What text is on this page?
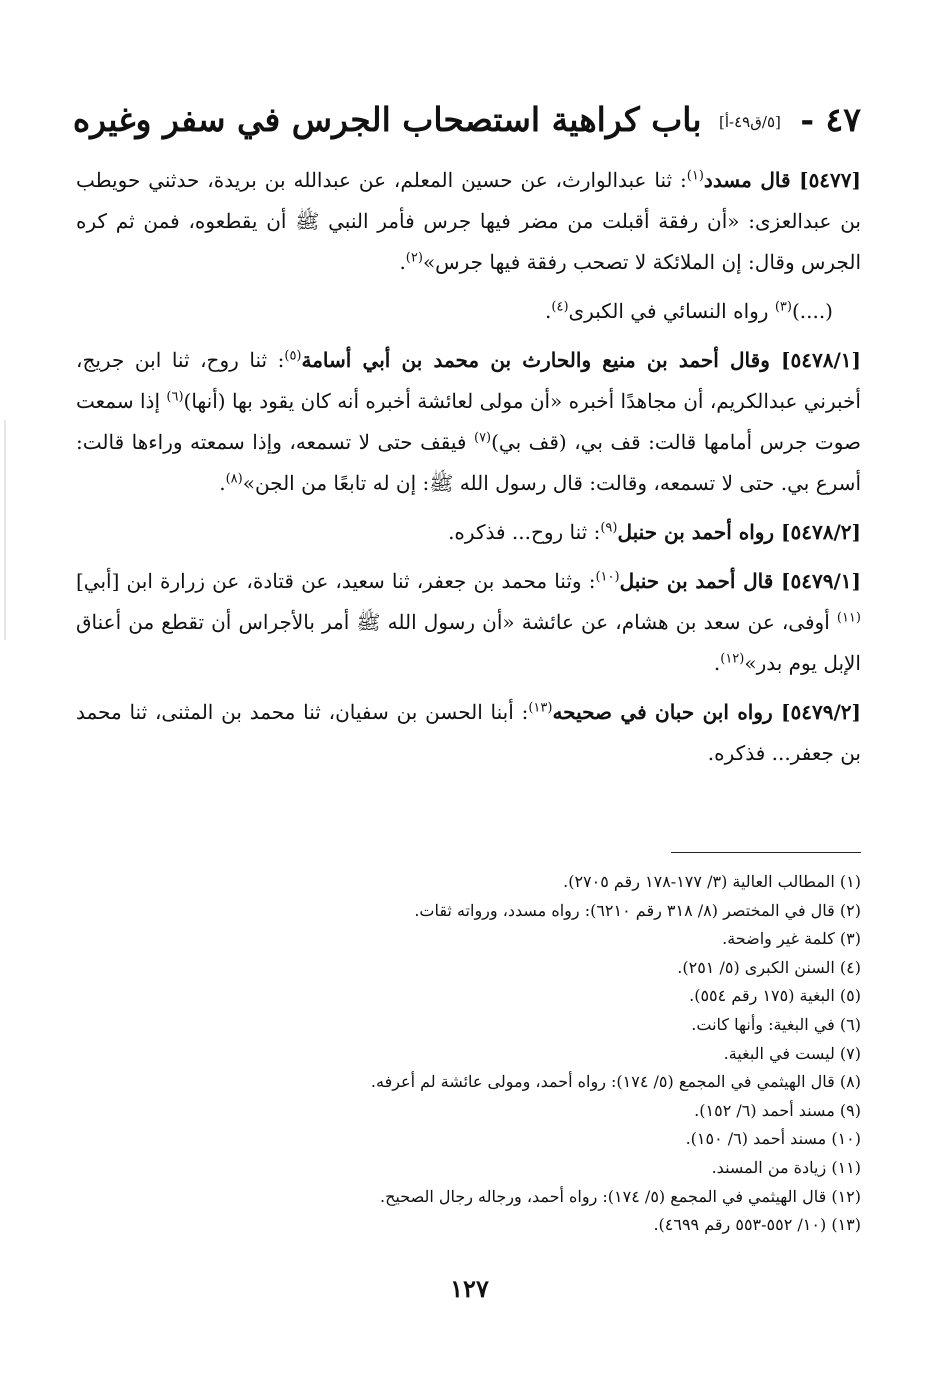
٤٧ - [٥/ق٤٩-أ] باب كراهية استصحاب الجرس في سفر وغيره

[٥٤٧٧] قال مسدد$^{(١)}$: ثنا عبدالوارث، عن حسين المعلم، عن عبدالله بن بريدة، حدثني حويطب بن عبدالعزى: «أن رفقة أقبلت من مضر فيها جرس فأمر النبي ﷺ أن يقطعوه، فمن ثم كره الجرس وقال: إن الملائكة لا تصحب رفقة فيها جرس»$^{(٢)}$.

(....)$^{(٣)}$ رواه النسائي في الكبرى$^{(٤)}$.

[٥٤٧٨/١] وقال أحمد بن منيع والحارث بن محمد بن أبي أسامة$^{(٥)}$: ثنا روح، ثنا ابن جريج، أخبرني عبدالكريم، أن مجاهدًا أخبره «أن مولى لعائشة أخبره أنه كان يقود بها (أنها)$^{(٦)}$ إذا سمعت صوت جرس أمامها قالت: قف بي، (قف بي)$^{(٧)}$ فيقف حتى لا تسمعه، وإذا سمعته وراءها قالت: أسرع بي. حتى لا تسمعه، وقالت: قال رسول الله ﷺ: إن له تابعًا من الجن»$^{(٨)}$.

[٥٤٧٨/٢] رواه أحمد بن حنبل$^{(٩)}$: ثنا روح... فذكره.

[٥٤٧٩/١] قال أحمد بن حنبل$^{(١٠)}$: وثنا محمد بن جعفر، ثنا سعيد، عن قتادة، عن زرارة ابن [أبي]$^{(١١)}$ أوفى، عن سعد بن هشام، عن عائشة «أن رسول الله ﷺ أمر بالأجراس أن تقطع من أعناق الإبل يوم بدر»$^{(١٢)}$.

[٥٤٧٩/٢] رواه ابن حبان في صحيحه$^{(١٣)}$: أبنا الحسن بن سفيان، ثنا محمد بن المثنى، ثنا محمد بن جعفر... فذكره.

(١) المطالب العالية (٣/ ١٧٧-١٧٨ رقم ٢٧٠٥).
(٢) قال في المختصر (٨/ ٣١٨ رقم ٦٢١٠): رواه مسدد، ورواته ثقات.
(٣) كلمة غير واضحة.
(٤) السنن الكبرى (٥/ ٢٥١).
(٥) البغية (١٧٥ رقم ٥٥٤).
(٦) في البغية: وأنها كانت.
(٧) ليست في البغية.
(٨) قال الهيثمي في المجمع (٥/ ١٧٤): رواه أحمد، ومولى عائشة لم أعرفه.
(٩) مسند أحمد (٦/ ١٥٢).
(١٠) مسند أحمد (٦/ ١٥٠).
(١١) زيادة من المسند.
(١٢) قال الهيثمي في المجمع (٥/ ١٧٤): رواه أحمد، ورجاله رجال الصحيح.
(١٣) (١٠/ ٥٥٢-٥٥٣ رقم ٤٦٩٩).
١٢٧
